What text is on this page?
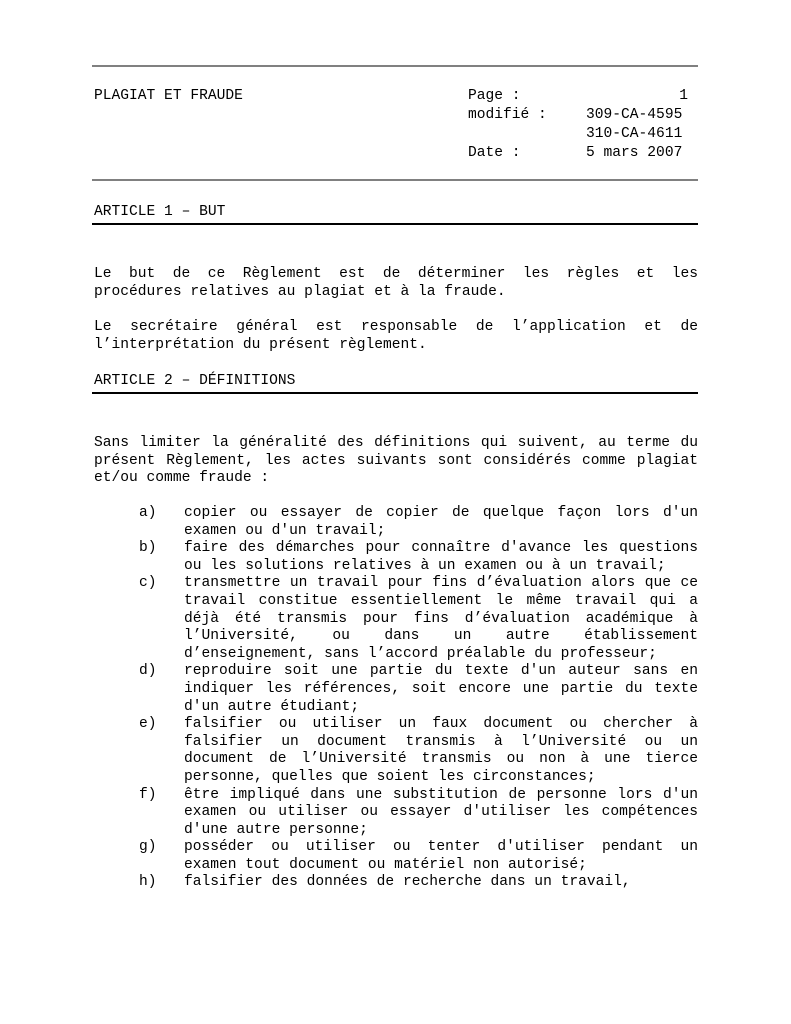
PLAGIAT ET FRAUDE	Page :
modifié :

Date :
1
309-CA-4595
310-CA-4611
5 mars 2007
ARTICLE 1 – BUT

Le but de ce Règlement est de déterminer les règles et les procédures relatives au plagiat et à la fraude.

Le secrétaire général est responsable de l’application et de l’interprétation du présent règlement.

ARTICLE 2 – DÉFINITIONS

Sans limiter la généralité des définitions qui suivent, au terme du présent Règlement, les actes suivants sont considérés comme plagiat et/ou comme fraude :

a) copier ou essayer de copier de quelque façon lors d'un examen ou d'un travail;
b) faire des démarches pour connaître d'avance les questions ou les solutions relatives à un examen ou à un travail;
c) transmettre un travail pour fins d’évaluation alors que ce travail constitue essentiellement le même travail qui a déjà été transmis pour fins d’évaluation académique à l’Université, ou dans un autre établissement d’enseignement, sans l’accord préalable du professeur;
d) reproduire soit une partie du texte d'un auteur sans en indiquer les références, soit encore une partie du texte d'un autre étudiant;
e) falsifier ou utiliser un faux document ou chercher à falsifier un document transmis à l’Université ou un document de l’Université transmis ou non à une tierce personne, quelles que soient les circonstances;
f) être impliqué dans une substitution de personne lors d'un examen ou utiliser ou essayer d'utiliser les compétences d'une autre personne;
g) posséder ou utiliser ou tenter d'utiliser pendant un examen tout document ou matériel non autorisé;
h) falsifier des données de recherche dans un travail,
